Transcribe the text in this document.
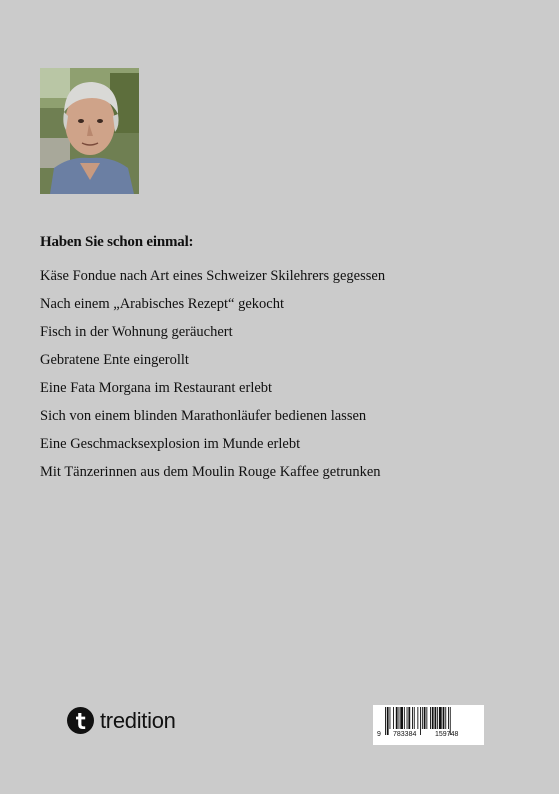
Haben Sie schon einmal:
Käse Fondue nach Art eines Schweizer Skilehrers gegessen
Nach einem „Arabisches Rezept“ gekocht
Fisch in der Wohnung geräuchert
Gebratene Ente eingerollt
Eine Fata Morgana im Restaurant erlebt
Sich von einem blinden Marathonläufer bedienen lassen
Eine Geschmacksexplosion im Munde erlebt
Mit Tänzerinnen aus dem Moulin Rouge Kaffee getrunken
tredition
9 783384	159748
